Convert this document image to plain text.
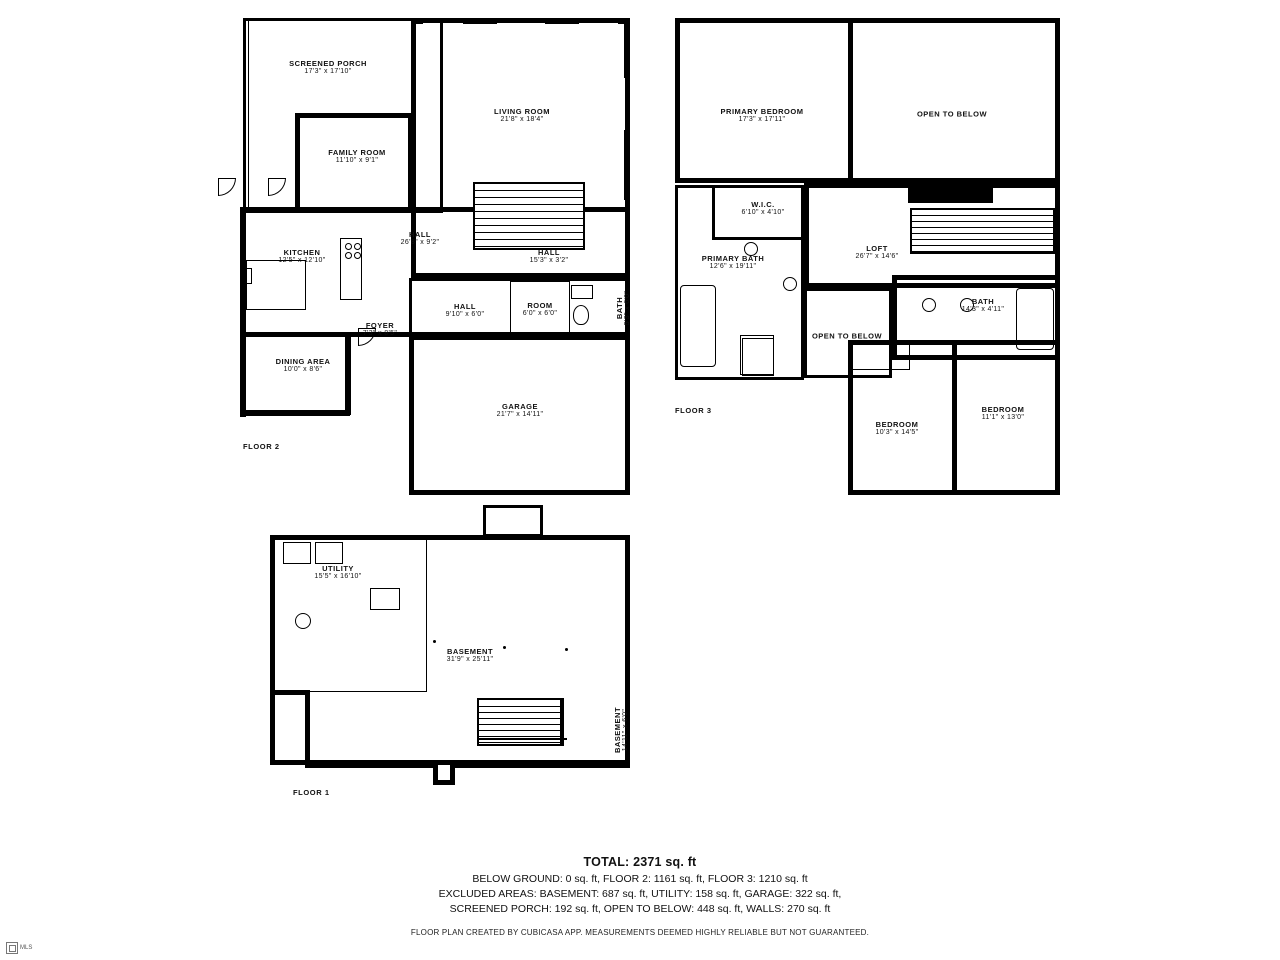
SCREENED PORCH
17'3" x 17'10"
LIVING ROOM
21'8" x 18'4"
FAMILY ROOM
11'10" x 9'1"
HALL
26'8" x 9'2"
HALL
15'3" x 3'2"
KITCHEN
12'5" x 12'10"
HALL
9'10" x 6'0"
ROOM
6'0" x 6'0"	BATH 5'3" x 6'0"
FOYER
7'3" x 8'5"
DINING AREA
10'0" x 8'6"
GARAGE
21'7" x 14'11"
FLOOR 2
PRIMARY BEDROOM
17'3" x 17'11"
OPEN TO BELOW
W.I.C.
6'10" x 4'10"
LOFT
26'7" x 14'6"
PRIMARY BATH
12'6" x 19'11"
BATH
14'3" x 4'11"
OPEN TO BELOW
BEDROOM
10'3" x 14'5"
BEDROOM
11'1" x 13'0"
FLOOR 3
UTILITY
15'5" x 16'10"
BASEMENT
31'9" x 25'11"
BASEMENT 14'11" x 6'0"
FLOOR 1
TOTAL: 2371 sq. ft
BELOW GROUND: 0 sq. ft, FLOOR 2: 1161 sq. ft, FLOOR 3: 1210 sq. ft
EXCLUDED AREAS: BASEMENT: 687 sq. ft, UTILITY: 158 sq. ft, GARAGE: 322 sq. ft,
SCREENED PORCH: 192 sq. ft, OPEN TO BELOW: 448 sq. ft, WALLS: 270 sq. ft
FLOOR PLAN CREATED BY CUBICASA APP. MEASUREMENTS DEEMED HIGHLY RELIABLE BUT NOT GUARANTEED.
MLS
